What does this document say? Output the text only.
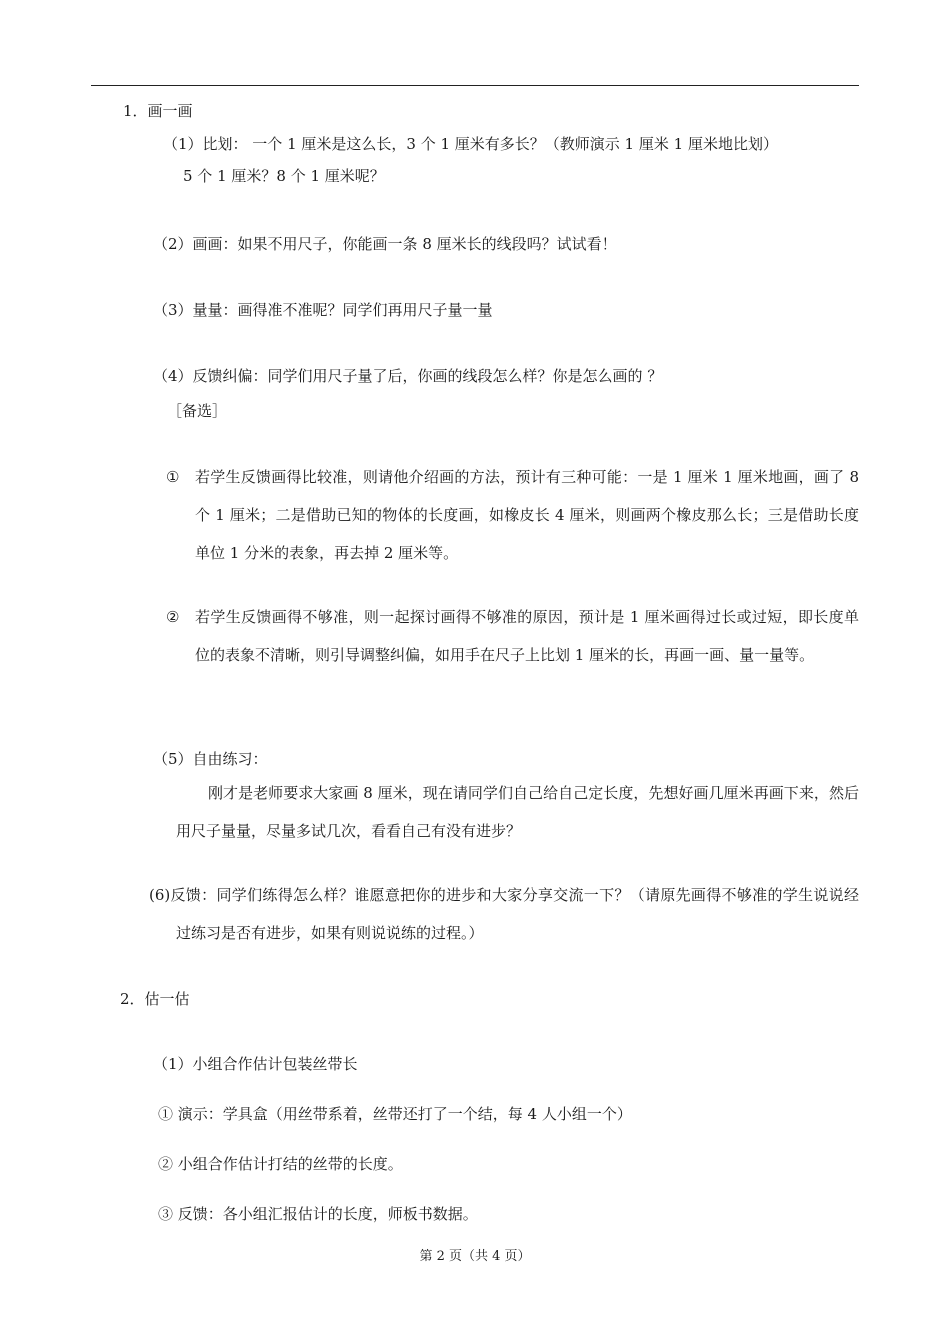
1．画一画
（1）比划： 一个 1 厘米是这么长，3 个 1 厘米有多长？（教师演示 1 厘米 1 厘米地比划）
5 个 1 厘米？8 个 1 厘米呢？
（2）画画：如果不用尺子，你能画一条 8 厘米长的线段吗？试试看！
（3）量量：画得准不准呢？同学们再用尺子量一量
（4）反馈纠偏：同学们用尺子量了后，你画的线段怎么样？你是怎么画的 ？
［备选］
① 若学生反馈画得比较准，则请他介绍画的方法，预计有三种可能：一是 1 厘米 1 厘米地画，画了 8 个 1 厘米；二是借助已知的物体的长度画，如橡皮长 4 厘米，则画两个橡皮那么长；三是借助长度单位 1 分米的表象，再去掉 2 厘米等。
② 若学生反馈画得不够准，则一起探讨画得不够准的原因，预计是 1 厘米画得过长或过短，即长度单位的表象不清晰，则引导调整纠偏，如用手在尺子上比划 1 厘米的长，再画一画、量一量等。
（5）自由练习：
刚才是老师要求大家画 8 厘米，现在请同学们自己给自己定长度，先想好画几厘米再画下来，然后用尺子量量，尽量多试几次，看看自己有没有进步？
(6)反馈：同学们练得怎么样？谁愿意把你的进步和大家分享交流一下？（请原先画得不够准的学生说说经过练习是否有进步，如果有则说说练的过程。）
2．估一估
（1）小组合作估计包装丝带长
① 演示：学具盒（用丝带系着，丝带还打了一个结，每 4 人小组一个）
② 小组合作估计打结的丝带的长度。
③ 反馈：各小组汇报估计的长度，师板书数据。
第 2 页（共 4 页）
